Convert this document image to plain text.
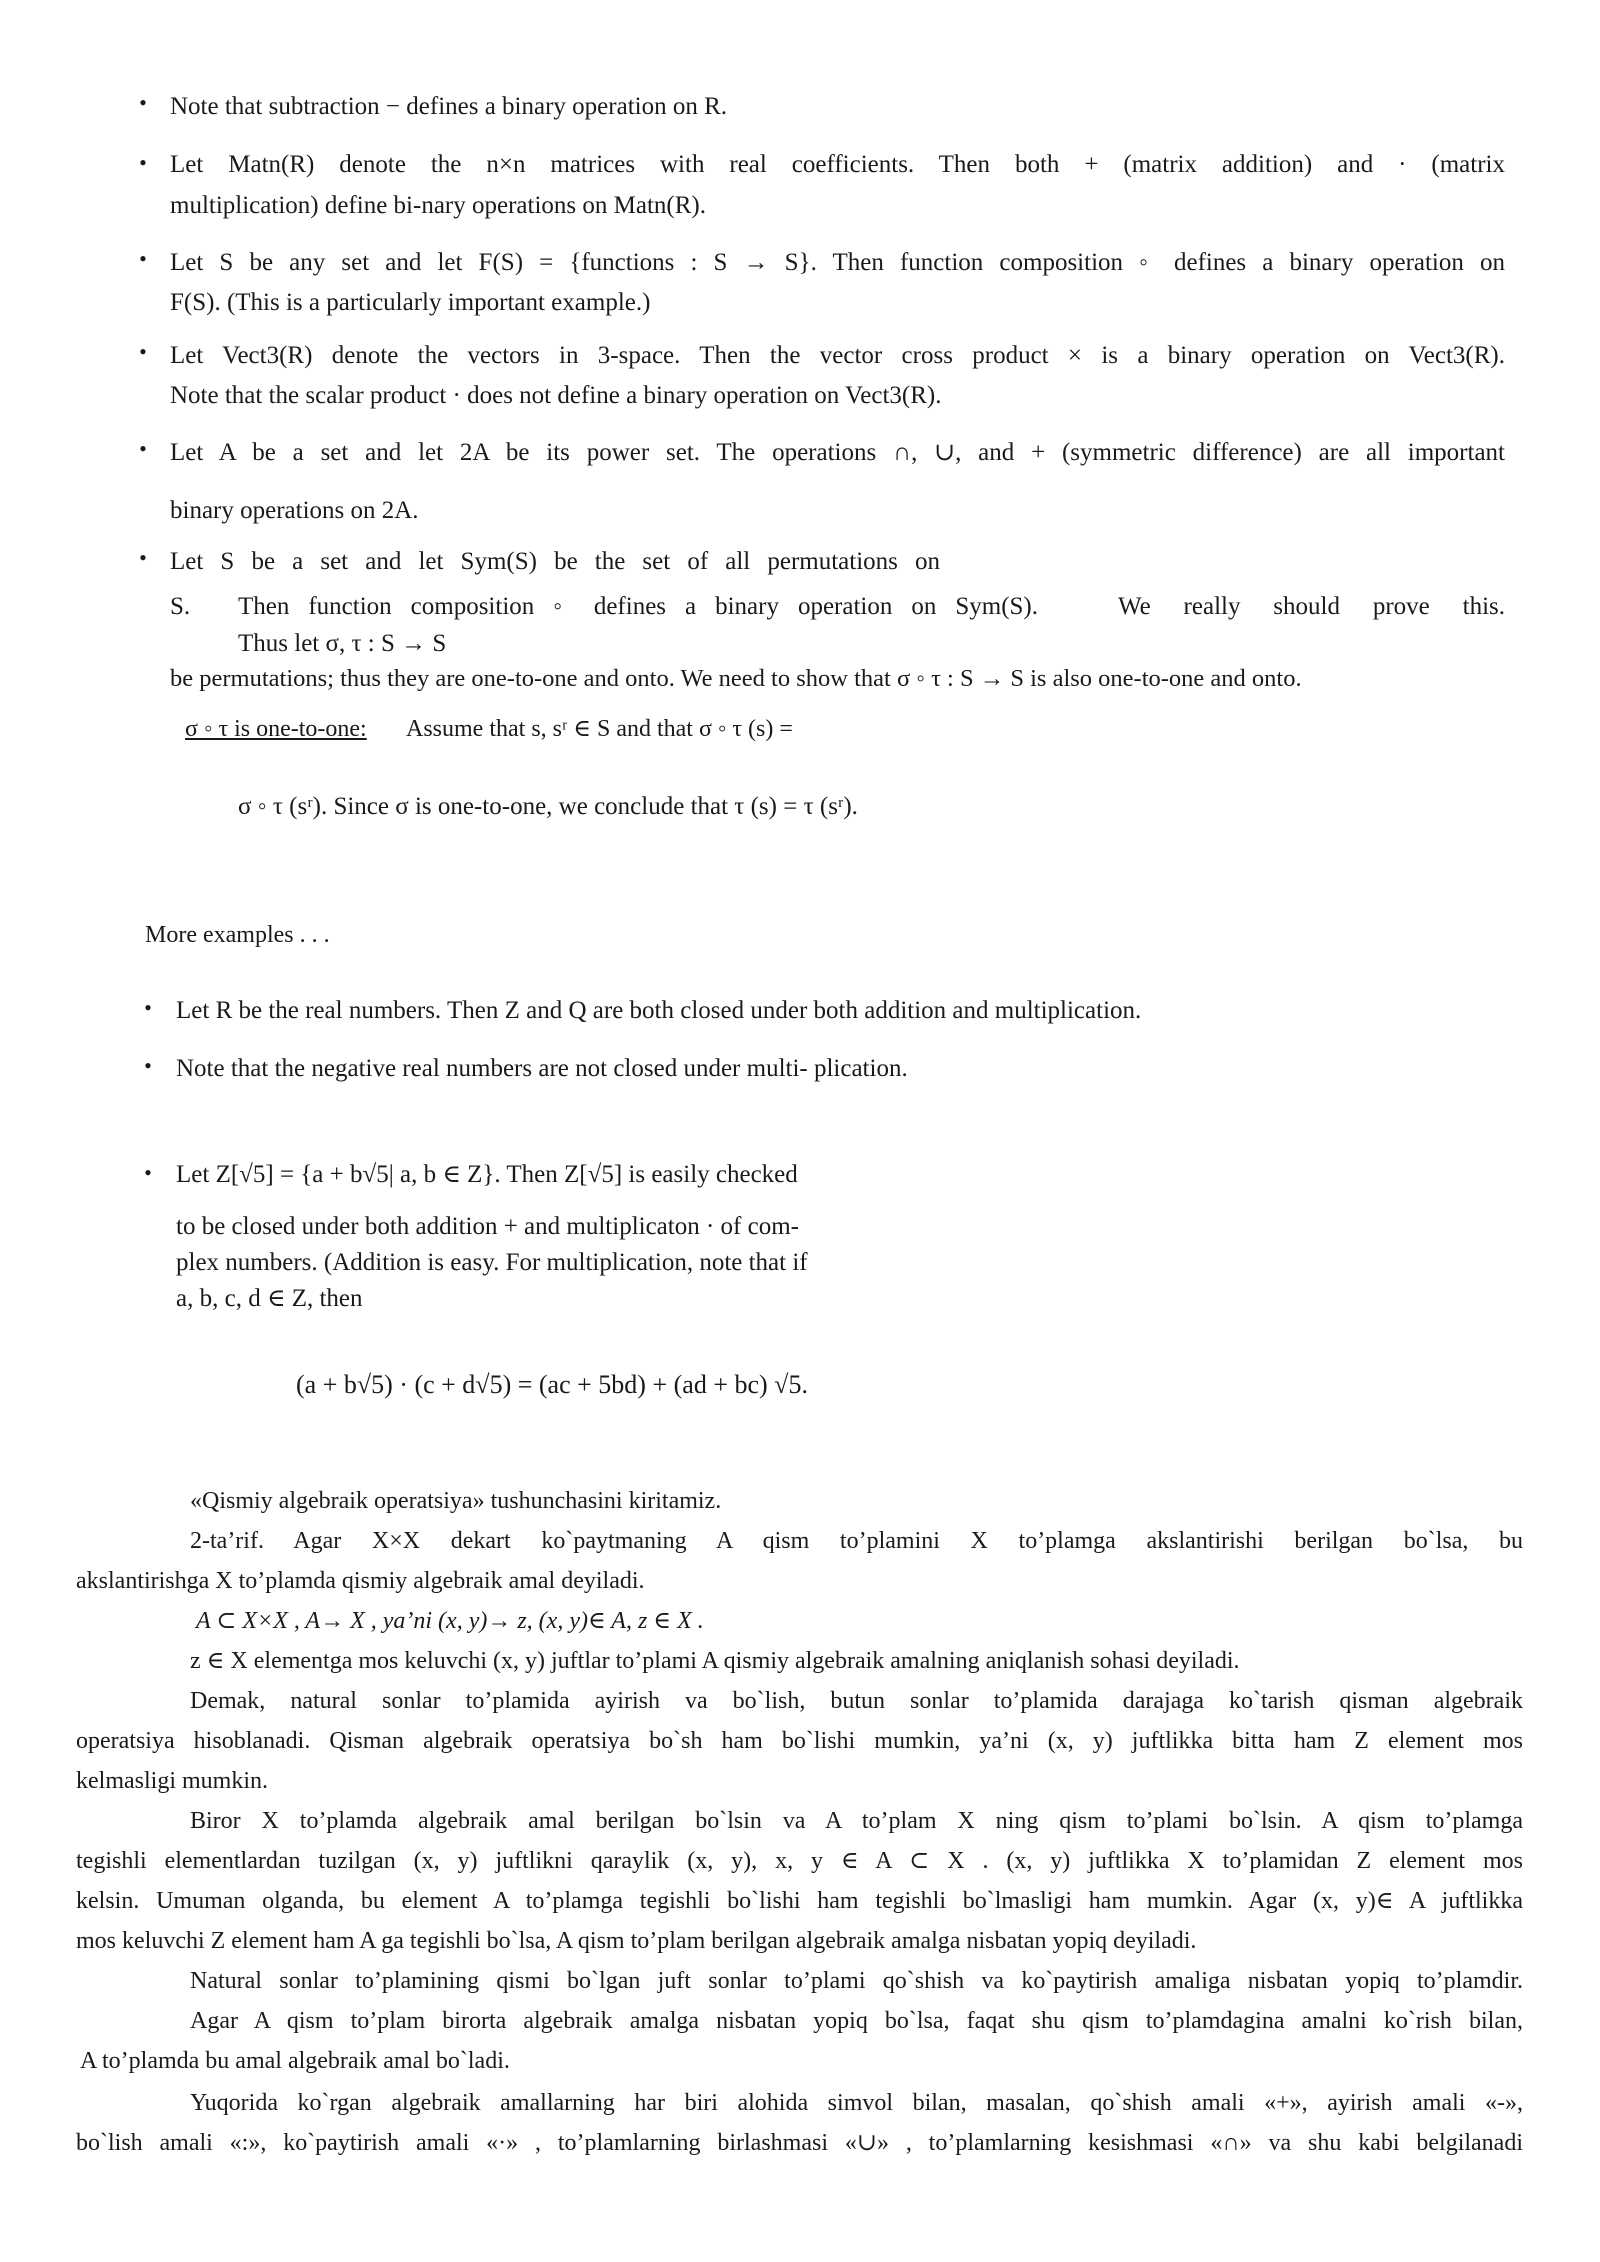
• Note that subtraction − defines a binary operation on R.
• Let Matn(R) denote the n×n matrices with real coefficients. Then both + (matrix addition) and · (matrix
multiplication) define bi-nary operations on Matn(R).
• Let S be any set and let F(S) = {functions : S → S}. Then function composition ◦ defines a binary operation on
F(S). (This is a particularly important example.)
• Let Vect3(R) denote the vectors in 3-space. Then the vector cross product × is a binary operation on Vect3(R).
Note that the scalar product · does not define a binary operation on Vect3(R).
• Let A be a set and let 2A be its power set. The operations ∩, ∪, and + (symmetric difference) are all important
binary operations on 2A.
• Let S be a set and let Sym(S) be the set of all permutations on
S. Then function composition ◦ defines a binary operation on Sym(S).	We really should prove this.
Thus let σ, τ : S → S
be permutations; thus they are one-to-one and onto. We need to show that σ ◦ τ : S → S is also one-to-one and onto.
σ ◦ τ is one-to-one: Assume that s, sʳ ∈ S and that σ ◦ τ (s) =
σ ◦ τ (sʳ). Since σ is one-to-one, we conclude that τ (s) = τ (sʳ).
More examples . . .
• Let R be the real numbers. Then Z and Q are both closed under both addition and multiplication.
• Note that the negative real numbers are not closed under multi- plication.
• Let Z[√5] = {a + b√5| a, b ∈ Z}. Then Z[√5] is easily checked
to be closed under both addition + and multiplicaton · of com-
plex numbers. (Addition is easy. For multiplication, note that if
a, b, c, d ∈ Z, then
(a + b√5) · (c + d√5) = (ac + 5bd) + (ad + bc) √5.
«Qismiy algebraik operatsiya» tushunchasini kiritamiz.
2-ta’rif. Agar X×X dekart ko`paytmaning A qism to’plamini X to’plamga akslantirishi berilgan bo`lsa, bu
akslantirishga X to’plamda qismiy algebraik amal deyiladi.
A ⊂ X×X , A→ X , ya’ni (x, y)→ z, (x, y)∈ A, z ∈ X .
z ∈ X elementga mos keluvchi (x, y) juftlar to’plami A qismiy algebraik amalning aniqlanish sohasi deyiladi.
Demak, natural sonlar to’plamida ayirish va bo`lish, butun sonlar to’plamida darajaga ko`tarish qisman algebraik
operatsiya hisoblanadi. Qisman algebraik operatsiya bo`sh ham bo`lishi mumkin, ya’ni (x, y) juftlikka bitta ham Z element mos
kelmasligi mumkin.
Biror X to’plamda algebraik amal berilgan bo`lsin va A to’plam X ning qism to’plami bo`lsin. A qism to’plamga
tegishli elementlardan tuzilgan (x, y) juftlikni qaraylik (x, y), x, y ∈ A ⊂ X . (x, y) juftlikka X to’plamidan Z element mos
kelsin. Umuman olganda, bu element A to’plamga tegishli bo`lishi ham tegishli bo`lmasligi ham mumkin. Agar (x, y)∈ A juftlikka
mos keluvchi Z element ham A ga tegishli bo`lsa, A qism to’plam berilgan algebraik amalga nisbatan yopiq deyiladi.
Natural sonlar to’plamining qismi bo`lgan juft sonlar to’plami qo`shish va ko`paytirish amaliga nisbatan yopiq to’plamdir.
Agar A qism to’plam birorta algebraik amalga nisbatan yopiq bo`lsa, faqat shu qism to’plamdagina amalni ko`rish bilan,
A to’plamda bu amal algebraik amal bo`ladi.
Yuqorida ko`rgan algebraik amallarning har biri alohida simvol bilan, masalan, qo`shish amali «+», ayirish amali «-»,
bo`lish amali «:», ko`paytirish amali «·» , to’plamlarning birlashmasi «∪» , to’plamlarning kesishmasi «∩» va shu kabi belgilanadi
